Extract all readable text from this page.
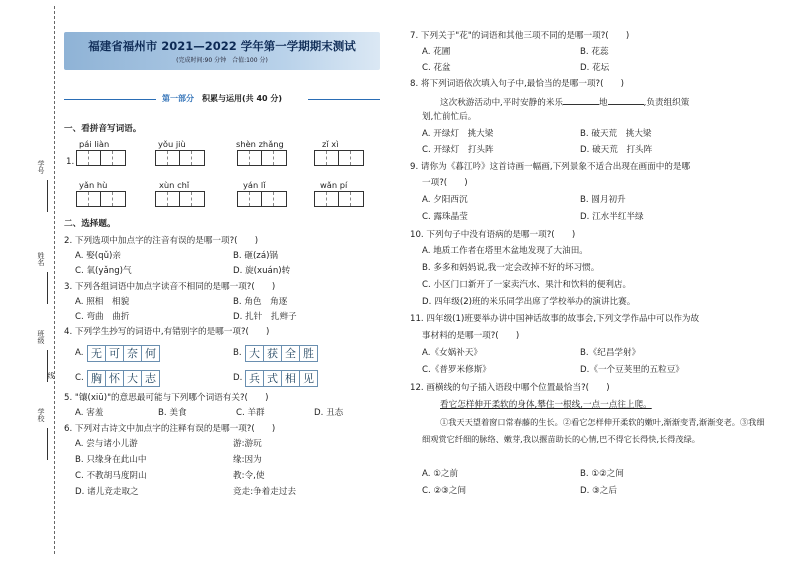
学号
姓名
班级
线
学校
福建省福州市 2021—2022 学年第一学期期末测试
(完成时间:90 分钟　合值:100 分)
第一部分 积累与运用(共 40 分)
一、看拼音写词语。
1.
pái liàn	yǒu jiù	shèn zhǎng	zǐ xì
yǎn hù	xùn chǐ	yán lǐ	wǎn pí
二、选择题。
2. 下列选项中加点字的注音有误的是哪一项?(　　)
A. 娶(qǔ)亲	B. 砸(zá)锅
C. 氧(yǎng)气	D. 旋(xuán)转
3. 下列各组词语中加点字读音不相同的是哪一项?(　　)
A. 照相　相貌	B. 角色　角逐
C. 弯曲　曲折	D. 扎针　扎辫子
4. 下列学生抄写的词语中,有错别字的是哪一项?(　　)
A. 无 可 奈 何	B. 大 获 全 胜
C. 胸 怀 大 志	D. 兵 式 相 见
5. "镶(xiū)"的意思最可能与下列哪个词语有关?(　　)
A. 害羞	B. 美食	C. 羊群	D. 丑态
6. 下列对古诗文中加点字的注释有误的是哪一项?(　　)
A. 尝与诸小儿游	游:游玩
B. 只缘身在此山中	缘:因为
C. 不教胡马度阴山	教:令,使
D. 诸儿竞走取之	竞走:争着走过去
7. 下列关于"花"的词语和其他三项不同的是哪一项?(　　)
A. 花圃	B. 花蕊
C. 花盆	D. 花坛
8. 将下列词语依次填入句子中,最恰当的是哪一项?(　　)
这次秋游活动中,平时安静的米乐	地	,负责组织策
划,忙前忙后。
A. 开绿灯　挑大梁	B. 破天荒　挑大梁
C. 开绿灯　打头阵	D. 破天荒　打头阵
9. 请你为《暮江吟》这首诗画一幅画,下列景象不适合出现在画面中的是哪
一项?(　　)
A. 夕阳西沉	B. 圆月初升
C. 露珠晶莹	D. 江水半红半绿
10. 下列句子中没有语病的是哪一项?(　　)
A. 地质工作者在塔里木盆地发现了大油田。
B. 多多和妈妈说,我一定会改掉不好的坏习惯。
C. 小区门口新开了一家卖汽水、果汁和饮料的便利店。
D. 四年级(2)班的米乐同学出席了学校举办的演讲比赛。
11. 四年级(1)班要举办讲中国神话故事的故事会,下列文学作品中可以作为故
事材料的是哪一项?(　　)
A.《女娲补天》	B.《纪昌学射》
C.《普罗米修斯》	D.《一个豆荚里的五粒豆》
12. 画横线的句子插入语段中哪个位置最恰当?(　　)
看它怎样伸开柔软的身体,攀住一根线,一点一点往上爬。
①我天天望着窗口常春藤的生长。②看它怎样伸开柔软的嫩叶,渐渐变青,渐渐变老。③我细细观赏它纤细的脉络、嫩芽,我以揠苗助长的心情,巴不得它长得快,长得茂绿。
A. ①之前	B. ①②之间
C. ②③之间	D. ③之后
